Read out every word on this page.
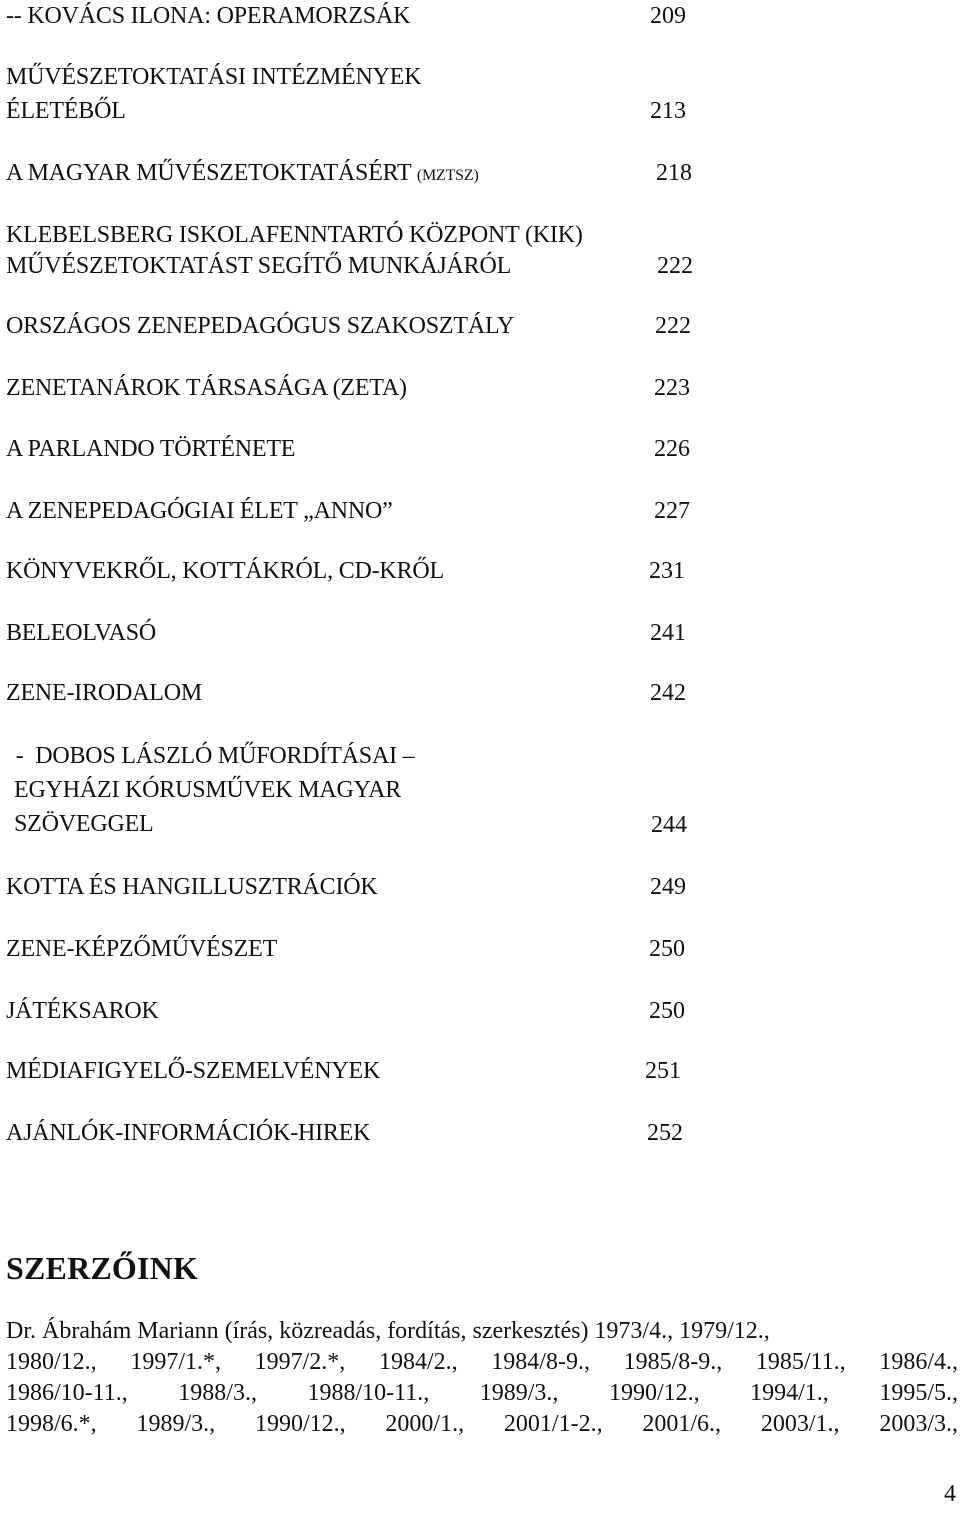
-- KOVÁCS ILONA: OPERAMORZSÁK	209
MŰVÉSZETOKTATÁSI INTÉZMÉNYEK
ÉLETÉBŐL	213
A MAGYAR MŰVÉSZETOKTATÁSÉRT (MZTSZ)	218
KLEBELSBERG ISKOLAFENNTARTÓ KÖZPONT (KIK)
MŰVÉSZETOKTATÁST SEGÍTŐ MUNKÁJÁRÓL	222
ORSZÁGOS ZENEPEDAGÓGUS SZAKOSZTÁLY	222
ZENETANÁROK TÁRSASÁGA (ZETA)	223
A PARLANDO TÖRTÉNETE	226
A ZENEPEDAGÓGIAI ÉLET „ANNO”	227
KÖNYVEKRŐL, KOTTÁKRÓL, CD-KRŐL	231
BELEOLVASÓ	241
ZENE-IRODALOM	242
-  DOBOS LÁSZLÓ MŰFORDÍTÁSAI –
EGYHÁZI KÓRUSMŰVEK MAGYAR
SZÖVEGGEL	244
KOTTA ÉS HANGILLUSZTRÁCIÓK	249
ZENE-KÉPZŐMŰVÉSZET	250
JÁTÉKSAROK	250
MÉDIAFIGYELŐ-SZEMELVÉNYEK	251
AJÁNLÓK-INFORMÁCIÓK-HIREK	252
SZERZŐINK
Dr. Ábrahám Mariann (írás, közreadás, fordítás, szerkesztés) 1973/4., 1979/12.,
1980/12., 1997/1.*, 1997/2.*, 1984/2., 1984/8-9., 1985/8-9., 1985/11., 1986/4.,
1986/10-11., 1988/3., 1988/10-11., 1989/3., 1990/12., 1994/1., 1995/5.,
1998/6.*, 1989/3., 1990/12., 2000/1., 2001/1-2., 2001/6., 2003/1., 2003/3.,
4
